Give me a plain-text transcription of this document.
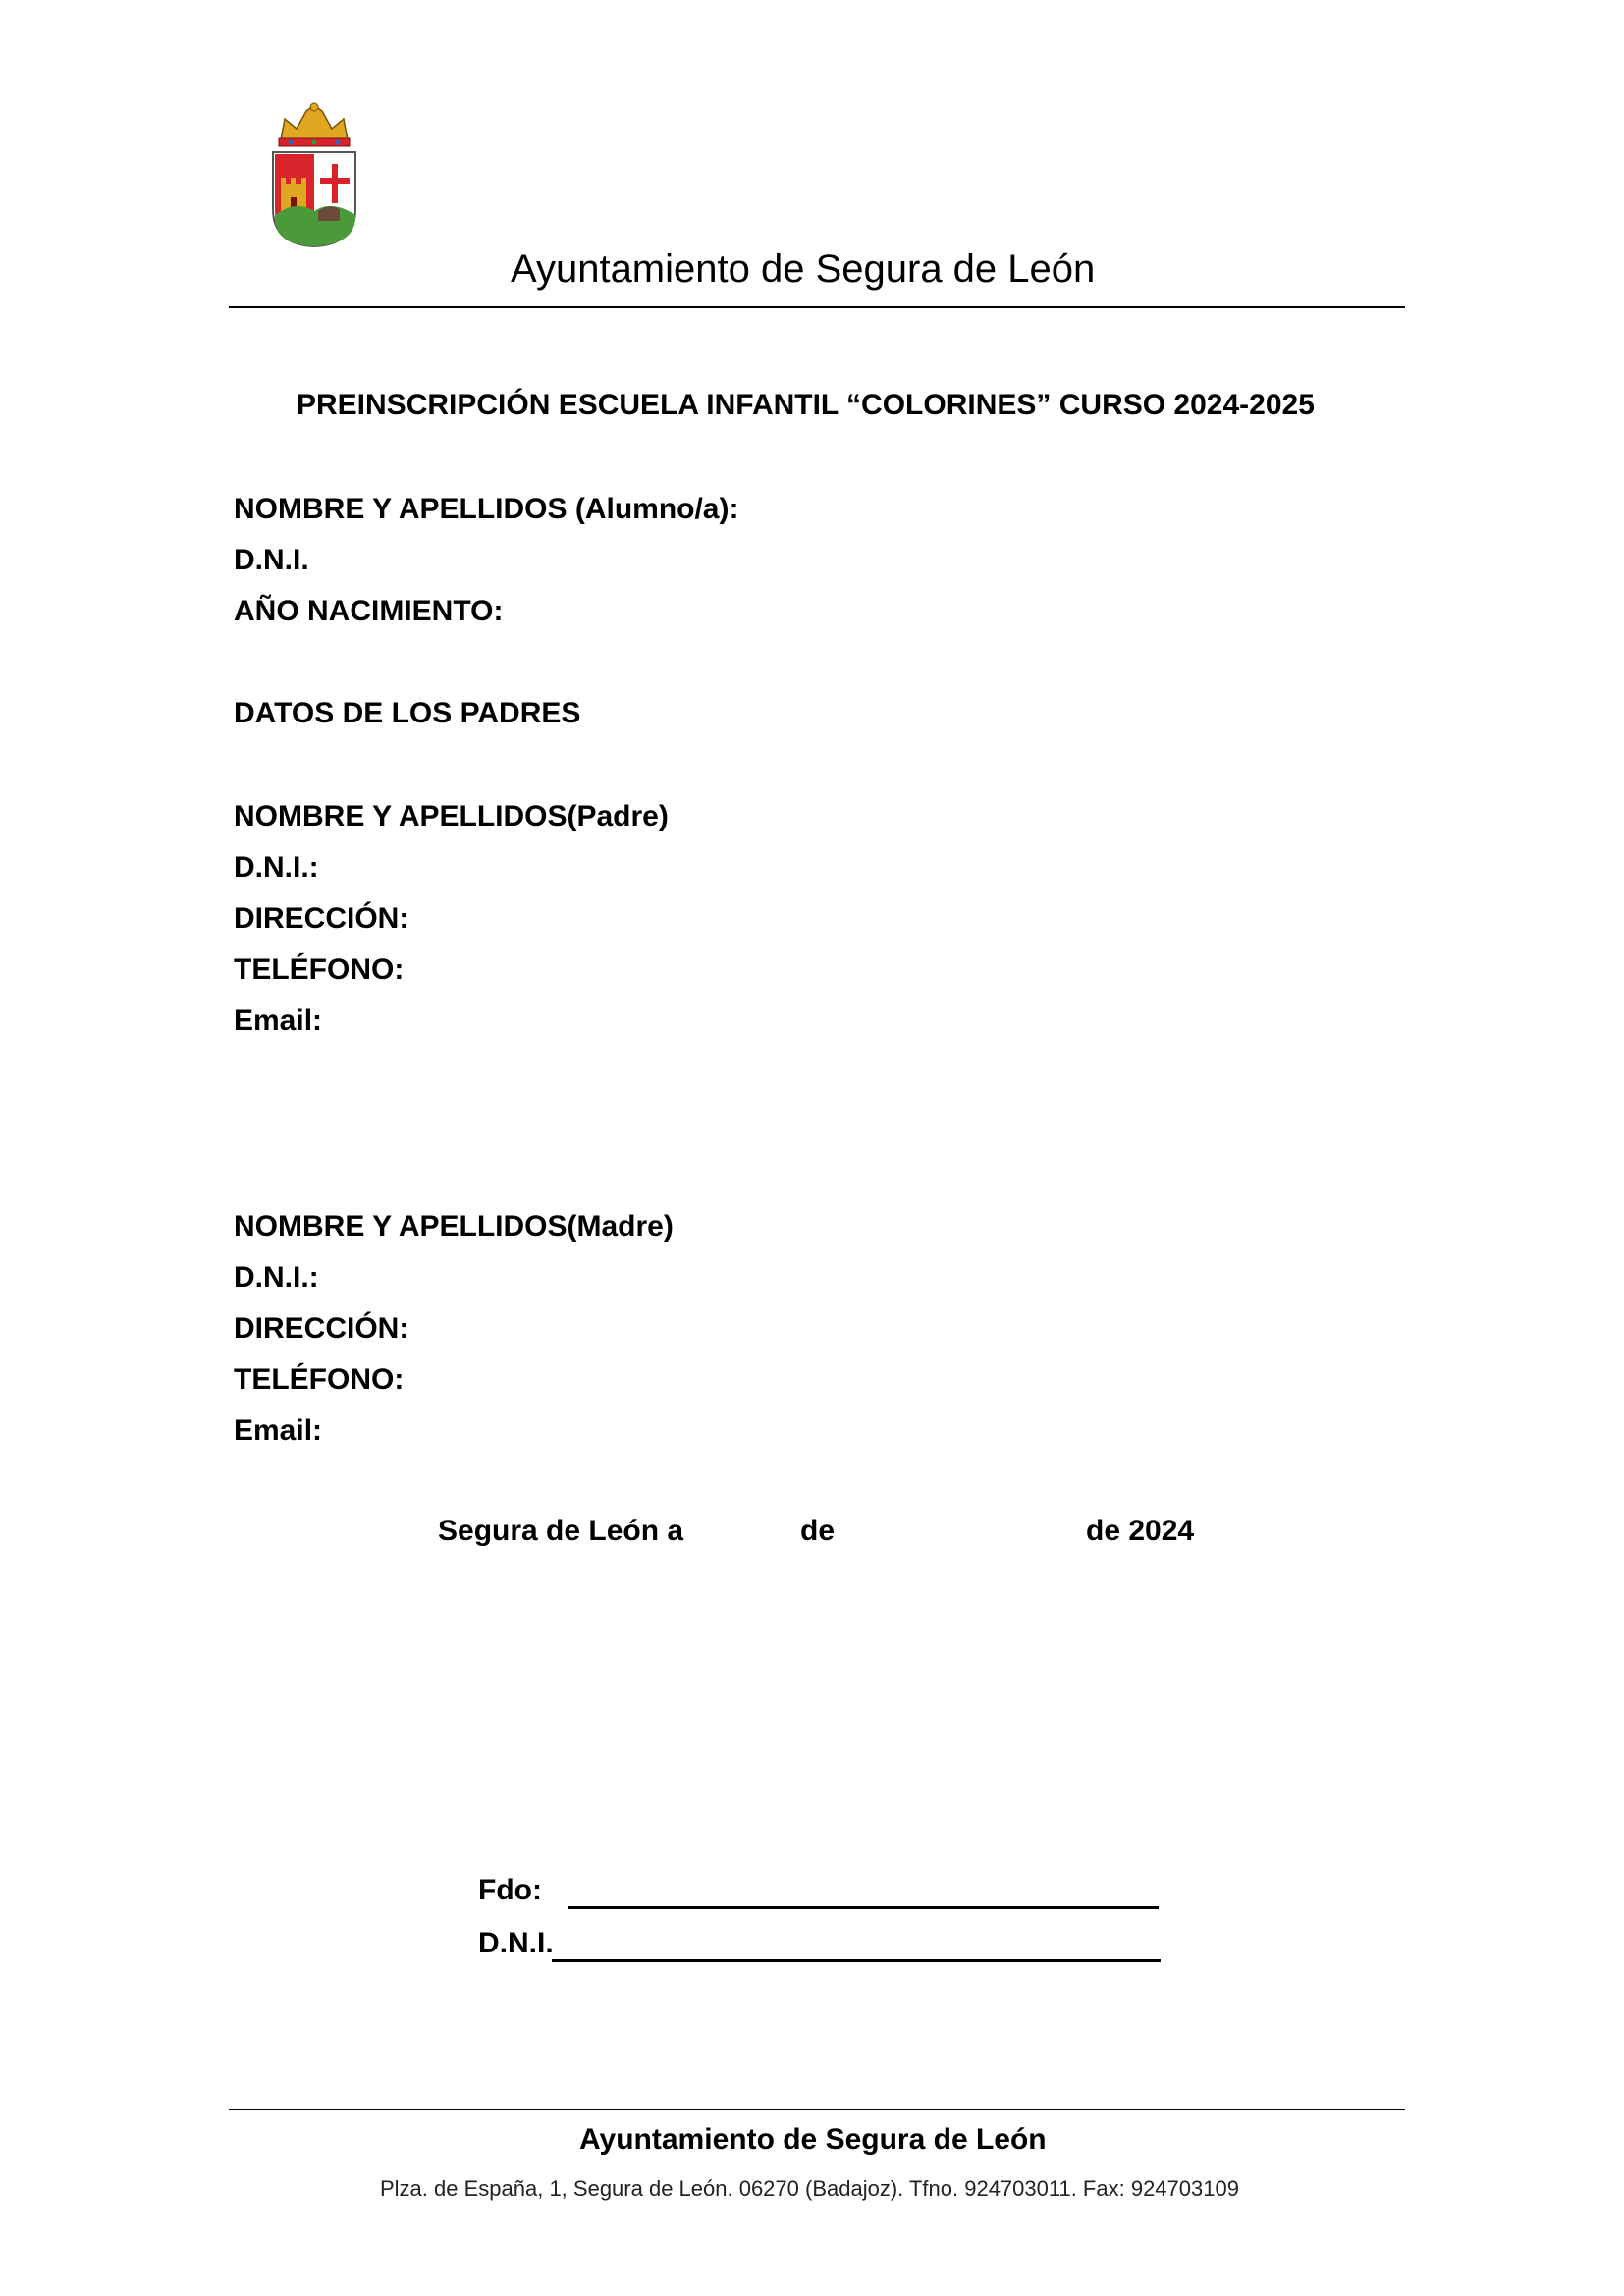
Ayuntamiento de Segura de León
PREINSCRIPCIÓN ESCUELA INFANTIL “COLORINES” CURSO 2024-2025
NOMBRE Y APELLIDOS (Alumno/a):
D.N.I.
AÑO NACIMIENTO:
DATOS DE LOS PADRES
NOMBRE Y APELLIDOS(Padre)
D.N.I.:
DIRECCIÓN:
TELÉFONO:
Email:
NOMBRE Y APELLIDOS(Madre)
D.N.I.:
DIRECCIÓN:
TELÉFONO:
Email:
Segura de León a	de	de 2024
Fdo:
D.N.I.
Ayuntamiento de Segura de León
Plza. de España, 1, Segura de León. 06270 (Badajoz). Tfno. 924703011. Fax: 924703109
